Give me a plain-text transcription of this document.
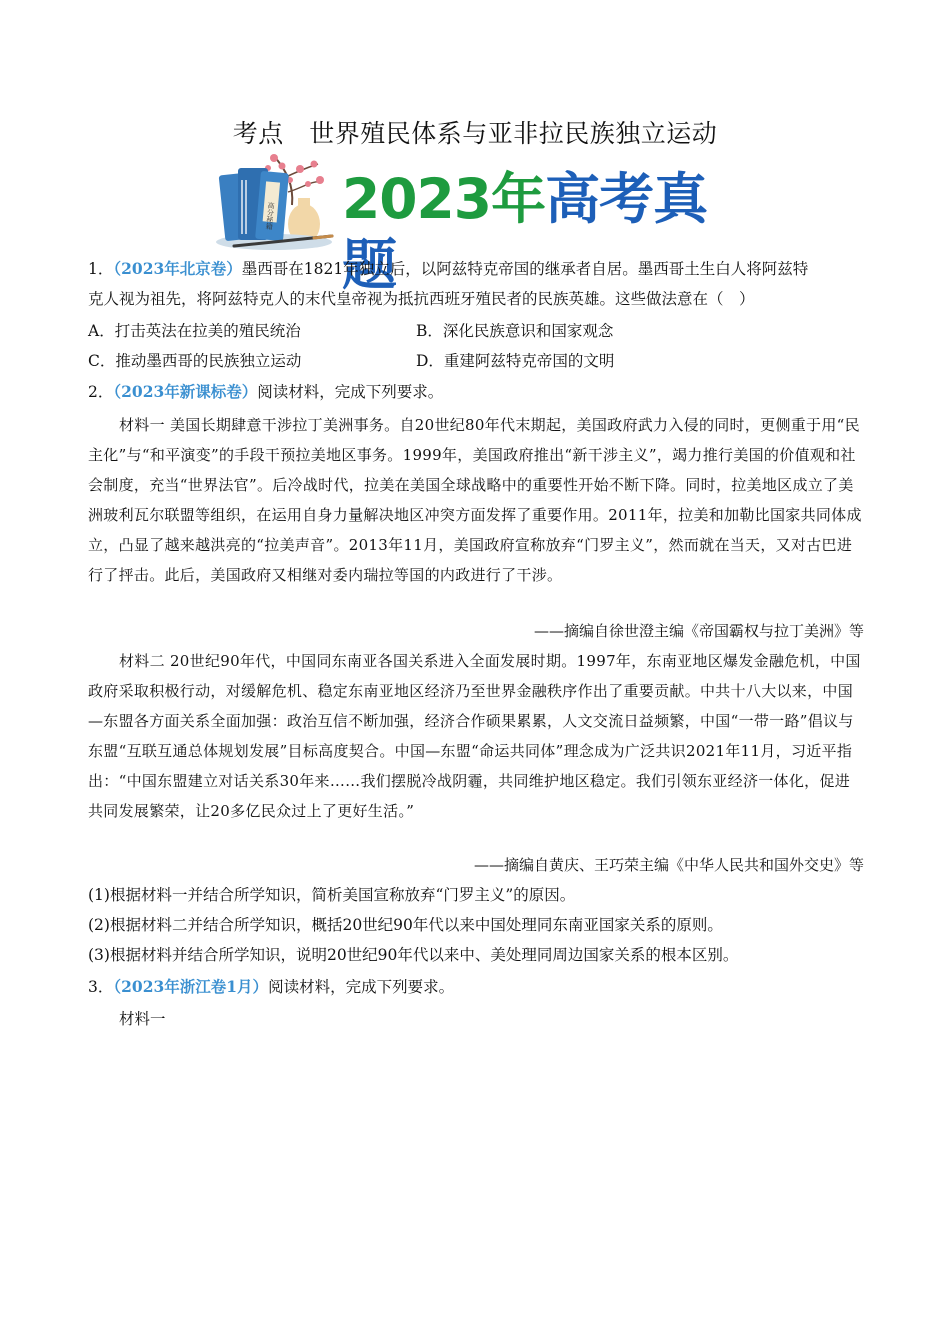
考点　世界殖民体系与亚非拉民族独立运动
高分秘籍 2023年高考真题
1．（2023年北京卷）墨西哥在1821年独立后，以阿兹特克帝国的继承者自居。墨西哥土生白人将阿兹特
克人视为祖先，将阿兹特克人的末代皇帝视为抵抗西班牙殖民者的民族英雄。这些做法意在（　）
A．打击英法在拉美的殖民统治	B．深化民族意识和国家观念
C．推动墨西哥的民族独立运动	D．重建阿兹特克帝国的文明
2．（2023年新课标卷）阅读材料，完成下列要求。
材料一 美国长期肆意干涉拉丁美洲事务。自20世纪80年代末期起，美国政府武力入侵的同时，更侧重于用“民主化”与“和平演变”的手段干预拉美地区事务。1999年，美国政府推出“新干涉主义”，竭力推行美国的价值观和社会制度，充当“世界法官”。后冷战时代，拉美在美国全球战略中的重要性开始不断下降。同时，拉美地区成立了美洲玻利瓦尔联盟等组织，在运用自身力量解决地区冲突方面发挥了重要作用。2011年，拉美和加勒比国家共同体成立，凸显了越来越洪亮的“拉美声音”。2013年11月，美国政府宣称放弃“门罗主义”，然而就在当天，又对古巴进行了抨击。此后，美国政府又相继对委内瑞拉等国的内政进行了干涉。
——摘编自徐世澄主编《帝国霸权与拉丁美洲》等
材料二 20世纪90年代，中国同东南亚各国关系进入全面发展时期。1997年，东南亚地区爆发金融危机，中国政府采取积极行动，对缓解危机、稳定东南亚地区经济乃至世界金融秩序作出了重要贡献。中共十八大以来，中国—东盟各方面关系全面加强：政治互信不断加强，经济合作硕果累累，人文交流日益频繁，中国“一带一路”倡议与东盟“互联互通总体规划发展”目标高度契合。中国—东盟“命运共同体”理念成为广泛共识2021年11月，习近平指出：“中国东盟建立对话关系30年来……我们摆脱冷战阴霾，共同维护地区稳定。我们引领东亚经济一体化，促进共同发展繁荣，让20多亿民众过上了更好生活。”
——摘编自黄庆、王巧荣主编《中华人民共和国外交史》等
(1)根据材料一并结合所学知识，简析美国宣称放弃“门罗主义”的原因。
(2)根据材料二并结合所学知识，概括20世纪90年代以来中国处理同东南亚国家关系的原则。
(3)根据材料并结合所学知识，说明20世纪90年代以来中、美处理同周边国家关系的根本区别。
3．（2023年浙江卷1月）阅读材料，完成下列要求。
材料一
